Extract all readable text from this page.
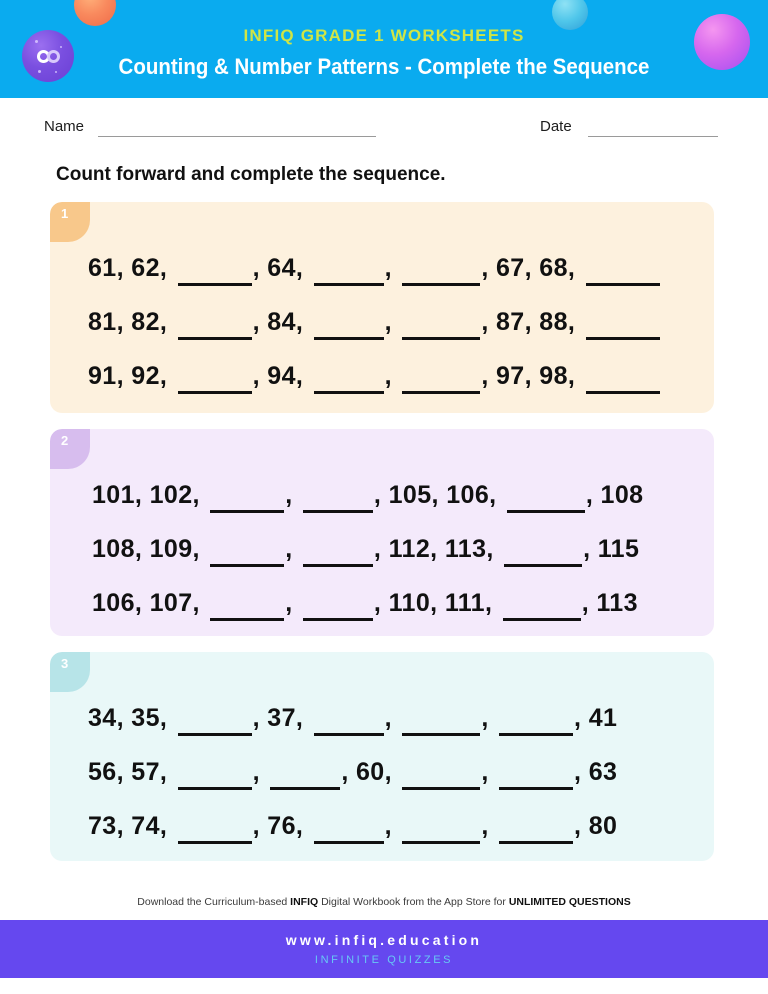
INFIQ GRADE 1 WORKSHEETS
Counting & Number Patterns - Complete the Sequence
Name	Date
Count forward and complete the sequence.
1
61, 62,	, 64,	,	, 67, 68,
81, 82,	, 84,	,	, 87, 88,
91, 92,	, 94,	,	, 97, 98,
2
101, 102,	,	, 105, 106,	, 108
108, 109,	,	, 112, 113,	, 115
106, 107,	,	, 110, 111,	, 113
3
34, 35,	, 37,	,	,	, 41
56, 57,	,	, 60,	,	, 63
73, 74,	, 76,	,	,	, 80
Download the Curriculum-based INFIQ Digital Workbook from the App Store for UNLIMITED QUESTIONS
www.infiq.education
INFINITE QUIZZES
